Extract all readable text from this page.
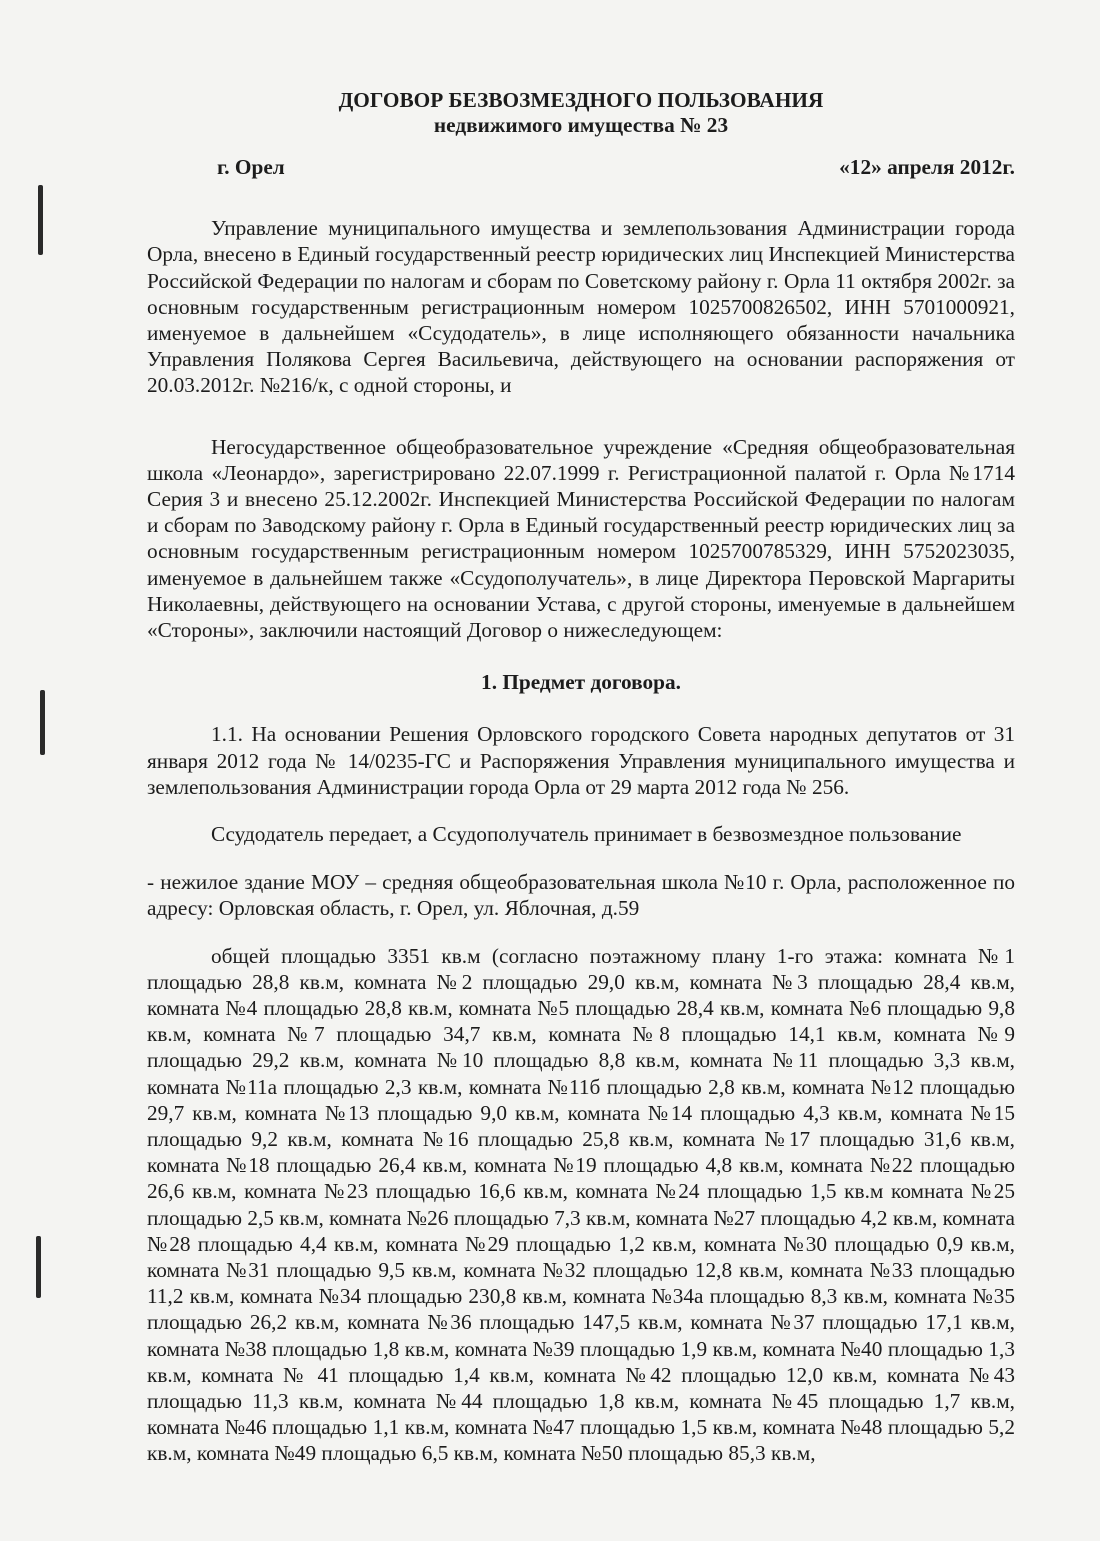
ДОГОВОР БЕЗВОЗМЕЗДНОГО ПОЛЬЗОВАНИЯ
недвижимого имущества № 23
г. Орел	«12» апреля 2012г.

Управление муниципального имущества и землепользования Администрации города Орла, внесено в Единый государственный реестр юридических лиц Инспекцией Министерства Российской Федерации по налогам и сборам по Советскому району г. Орла 11 октября 2002г. за основным государственным регистрационным номером 1025700826502, ИНН 5701000921, именуемое в дальнейшем «Ссудодатель», в лице исполняющего обязанности начальника Управления Полякова Сергея Васильевича, действующего на основании распоряжения от 20.03.2012г. №216/к, с одной стороны, и

Негосударственное общеобразовательное учреждение «Средняя общеобразовательная школа «Леонардо», зарегистрировано 22.07.1999 г. Регистрационной палатой г. Орла №1714 Серия 3 и внесено 25.12.2002г. Инспекцией Министерства Российской Федерации по налогам и сборам по Заводскому району г. Орла в Единый государственный реестр юридических лиц за основным государственным регистрационным номером 1025700785329, ИНН 5752023035, именуемое в дальнейшем также «Ссудополучатель», в лице Директора Перовской Маргариты Николаевны, действующего на основании Устава, с другой стороны, именуемые в дальнейшем «Стороны», заключили настоящий Договор о нижеследующем:

1. Предмет договора.

1.1. На основании Решения Орловского городского Совета народных депутатов от 31 января 2012 года № 14/0235-ГС и Распоряжения Управления муниципального имущества и землепользования Администрации города Орла от 29 марта 2012 года № 256.

Ссудодатель передает, а Ссудополучатель принимает в безвозмездное пользование

- нежилое здание МОУ – средняя общеобразовательная школа №10 г. Орла, расположенное по адресу: Орловская область, г. Орел, ул. Яблочная, д.59

общей площадью 3351 кв.м (согласно поэтажному плану 1-го этажа: комната №1 площадью 28,8 кв.м, комната №2 площадью 29,0 кв.м, комната №3 площадью 28,4 кв.м, комната №4 площадью 28,8 кв.м, комната №5 площадью 28,4 кв.м, комната №6 площадью 9,8 кв.м, комната №7 площадью 34,7 кв.м, комната №8 площадью 14,1 кв.м, комната №9 площадью 29,2 кв.м, комната №10 площадью 8,8 кв.м, комната №11 площадью 3,3 кв.м, комната №11а площадью 2,3 кв.м, комната №11б площадью 2,8 кв.м, комната №12 площадью 29,7 кв.м, комната №13 площадью 9,0 кв.м, комната №14 площадью 4,3 кв.м, комната №15 площадью 9,2 кв.м, комната №16 площадью 25,8 кв.м, комната №17 площадью 31,6 кв.м, комната №18 площадью 26,4 кв.м, комната №19 площадью 4,8 кв.м, комната №22 площадью 26,6 кв.м, комната №23 площадью 16,6 кв.м, комната №24 площадью 1,5 кв.м комната №25 площадью 2,5 кв.м, комната №26 площадью 7,3 кв.м, комната №27 площадью 4,2 кв.м, комната №28 площадью 4,4 кв.м, комната №29 площадью 1,2 кв.м, комната №30 площадью 0,9 кв.м, комната №31 площадью 9,5 кв.м, комната №32 площадью 12,8 кв.м, комната №33 площадью 11,2 кв.м, комната №34 площадью 230,8 кв.м, комната №34а площадью 8,3 кв.м, комната №35 площадью 26,2 кв.м, комната №36 площадью 147,5 кв.м, комната №37 площадью 17,1 кв.м, комната №38 площадью 1,8 кв.м, комната №39 площадью 1,9 кв.м, комната №40 площадью 1,3 кв.м, комната № 41 площадью 1,4 кв.м, комната №42 площадью 12,0 кв.м, комната №43 площадью 11,3 кв.м, комната №44 площадью 1,8 кв.м, комната №45 площадью 1,7 кв.м, комната №46 площадью 1,1 кв.м, комната №47 площадью 1,5 кв.м, комната №48 площадью 5,2 кв.м, комната №49 площадью 6,5 кв.м, комната №50 площадью 85,3 кв.м,
